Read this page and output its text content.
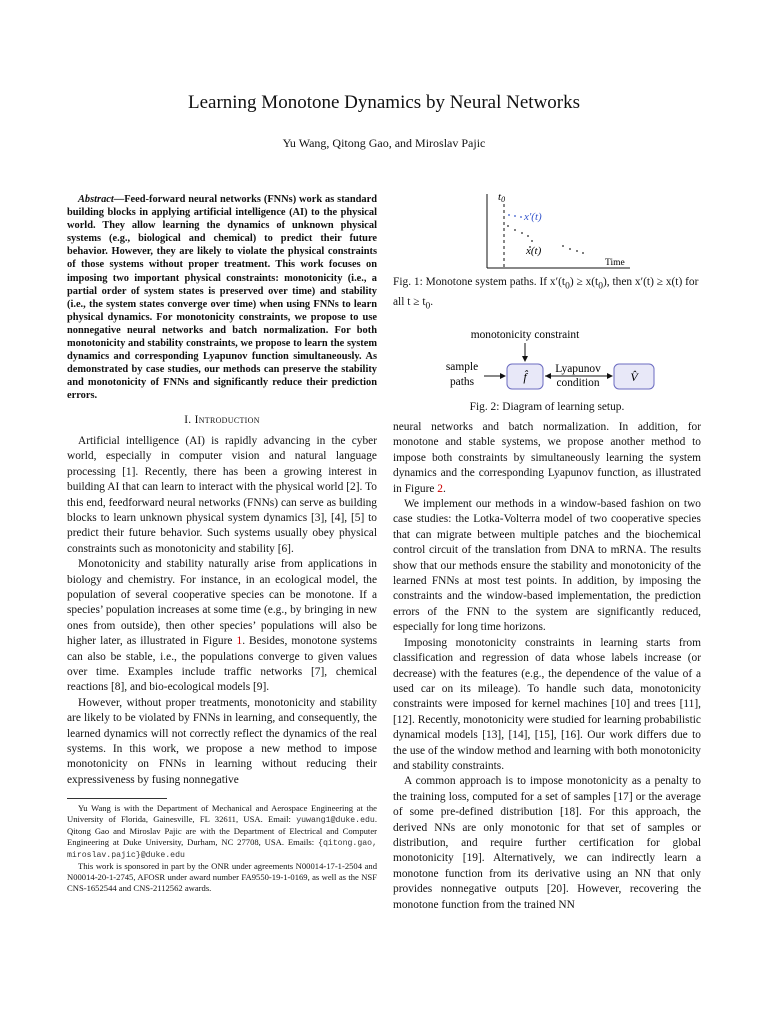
Learning Monotone Dynamics by Neural Networks
Yu Wang, Qitong Gao, and Miroslav Pajic

Abstract—Feed-forward neural networks (FNNs) work as standard building blocks in applying artificial intelligence (AI) to the physical world. They allow learning the dynamics of unknown physical systems (e.g., biological and chemical) to predict their future behavior. However, they are likely to violate the physical constraints of those systems without proper treatment. This work focuses on imposing two important physical constraints: monotonicity (i.e., a partial order of system states is preserved over time) and stability (i.e., the system states converge over time) when using FNNs to learn physical dynamics. For monotonicity constraints, we propose to use nonnegative neural networks and batch normalization. For both monotonicity and stability constraints, we propose to learn the system dynamics and corresponding Lyapunov function simultaneously. As demonstrated by case studies, our methods can preserve the stability and monotonicity of FNNs and significantly reduce their prediction errors.

I. Introduction

Artificial intelligence (AI) is rapidly advancing in the cyber world, especially in computer vision and natural language processing [1]. Recently, there has been a growing interest in building AI that can learn to interact with the physical world [2]. To this end, feedforward neural networks (FNNs) can serve as building blocks to learn unknown physical system dynamics [3], [4], [5] to predict their future behavior. Such systems usually obey physical constraints such as monotonicity and stability [6].

Monotonicity and stability naturally arise from applications in biology and chemistry. For instance, in an ecological model, the population of several cooperative species can be monotone. If a species’ population increases at some time (e.g., by bringing in new ones from outside), then other species’ populations will also be higher later, as illustrated in Figure 1. Besides, monotone systems can also be stable, i.e., the populations converge to given values over time. Examples include traffic networks [7], chemical reactions [8], and bio-ecological models [9].

However, without proper treatments, monotonicity and stability are likely to be violated by FNNs in learning, and consequently, the learned dynamics will not correctly reflect the dynamics of the real systems. In this work, we propose a new method to impose monotonicity on FNNs in learning without reducing their expressiveness by fusing nonnegative

Yu Wang is with the Department of Mechanical and Aerospace Engineering at the University of Florida, Gainesville, FL 32611, USA. Email: yuwang1@duke.edu. Qitong Gao and Miroslav Pajic are with the Department of Electrical and Computer Engineering at Duke University, Durham, NC 27708, USA. Emails: {qitong.gao, miroslav.pajic}@duke.edu

This work is sponsored in part by the ONR under agreements N00014-17-1-2504 and N00014-20-1-2745, AFOSR under award number FA9550-19-1-0169, as well as the NSF CNS-1652544 and CNS-2112562 awards.

t0
x′(t)
x(t)
Time
Fig. 1: Monotone system paths. If $x'(t_0) \ge x(t_0)$, then x′(t) ≥ x(t) for all $t \ge t_0$.
monotonicity constraint
sample
paths	f̂
Lyapunov
condition	V̂
Fig. 2: Diagram of learning setup.

neural networks and batch normalization. In addition, for monotone and stable systems, we propose another method to impose both constraints by simultaneously learning the system dynamics and the corresponding Lyapunov function, as illustrated in Figure 2.

We implement our methods in a window-based fashion on two case studies: the Lotka-Volterra model of two cooperative species that can migrate between multiple patches and the biochemical control circuit of the translation from DNA to mRNA. The results show that our methods ensure the stability and monotonicity of the learned FNNs at most test points. In addition, by imposing the constraints and the window-based implementation, the prediction errors of the FNN to the system are significantly reduced, especially for long time horizons.

Imposing monotonicity constraints in learning starts from classification and regression of data whose labels increase (or decrease) with the features (e.g., the dependence of the value of a used car on its mileage). To handle such data, monotonicity constraints were imposed for kernel machines [10] and trees [11], [12]. Recently, monotonicity were studied for learning probabilistic dynamical models [13], [14], [15], [16]. Our work differs due to the use of the window method and learning with both monotonicity and stability constraints.

A common approach is to impose monotonicity as a penalty to the training loss, computed for a set of samples [17] or the average of some pre-defined distribution [18]. For this approach, the derived NNs are only monotonic for that set of samples or distribution, and require further certification for global monotonicity [19]. Alternatively, we can indirectly learn a monotone function from its derivative using an NN that only provides nonnegative outputs [20]. However, recovering the monotone function from the trained NN
